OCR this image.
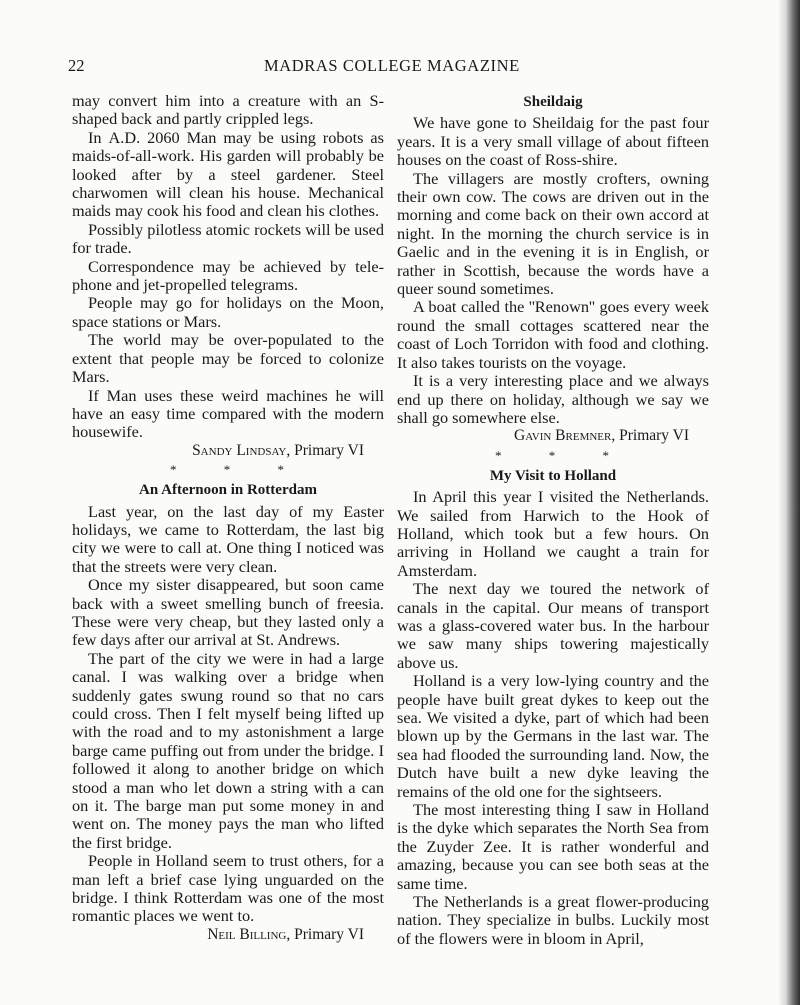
22	MADRAS COLLEGE MAGAZINE

may convert him into a creature with an S-shaped back and partly crippled legs.

In A.D. 2060 Man may be using robots as maids-of-all-work. His garden will probably be looked after by a steel gardener. Steel charwomen will clean his house. Mechanical maids may cook his food and clean his clothes.

Possibly pilotless atomic rockets will be used for trade.

Correspondence may be achieved by tele-phone and jet-propelled telegrams.

People may go for holidays on the Moon, space stations or Mars.

The world may be over-populated to the extent that people may be forced to colonize Mars.

If Man uses these weird machines he will have an easy time compared with the modern housewife.

Sandy Lindsay, Primary VI

* * *
An Afternoon in Rotterdam

Last year, on the last day of my Easter holidays, we came to Rotterdam, the last big city we were to call at. One thing I noticed was that the streets were very clean.

Once my sister disappeared, but soon came back with a sweet smelling bunch of freesia. These were very cheap, but they lasted only a few days after our arrival at St. Andrews.

The part of the city we were in had a large canal. I was walking over a bridge when suddenly gates swung round so that no cars could cross. Then I felt myself being lifted up with the road and to my astonishment a large barge came puffing out from under the bridge. I followed it along to another bridge on which stood a man who let down a string with a can on it. The barge man put some money in and went on. The money pays the man who lifted the first bridge.

People in Holland seem to trust others, for a man left a brief case lying unguarded on the bridge. I think Rotterdam was one of the most romantic places we went to.

Neil Billing, Primary VI

Sheildaig

We have gone to Sheildaig for the past four years. It is a very small village of about fifteen houses on the coast of Ross-shire.

The villagers are mostly crofters, owning their own cow. The cows are driven out in the morning and come back on their own accord at night. In the morning the church service is in Gaelic and in the evening it is in English, or rather in Scottish, because the words have a queer sound sometimes.

A boat called the ''Renown'' goes every week round the small cottages scattered near the coast of Loch Torridon with food and clothing. It also takes tourists on the voyage.

It is a very interesting place and we always end up there on holiday, although we say we shall go somewhere else.

Gavin Bremner, Primary VI

* * *
My Visit to Holland

In April this year I visited the Netherlands. We sailed from Harwich to the Hook of Holland, which took but a few hours. On arriving in Holland we caught a train for Amsterdam.

The next day we toured the network of canals in the capital. Our means of transport was a glass-covered water bus. In the harbour we saw many ships towering majestically above us.

Holland is a very low-lying country and the people have built great dykes to keep out the sea. We visited a dyke, part of which had been blown up by the Germans in the last war. The sea had flooded the surrounding land. Now, the Dutch have built a new dyke leaving the remains of the old one for the sightseers.

The most interesting thing I saw in Holland is the dyke which separates the North Sea from the Zuyder Zee. It is rather wonderful and amazing, because you can see both seas at the same time.

The Netherlands is a great flower-producing nation. They specialize in bulbs. Luckily most of the flowers were in bloom in April,
